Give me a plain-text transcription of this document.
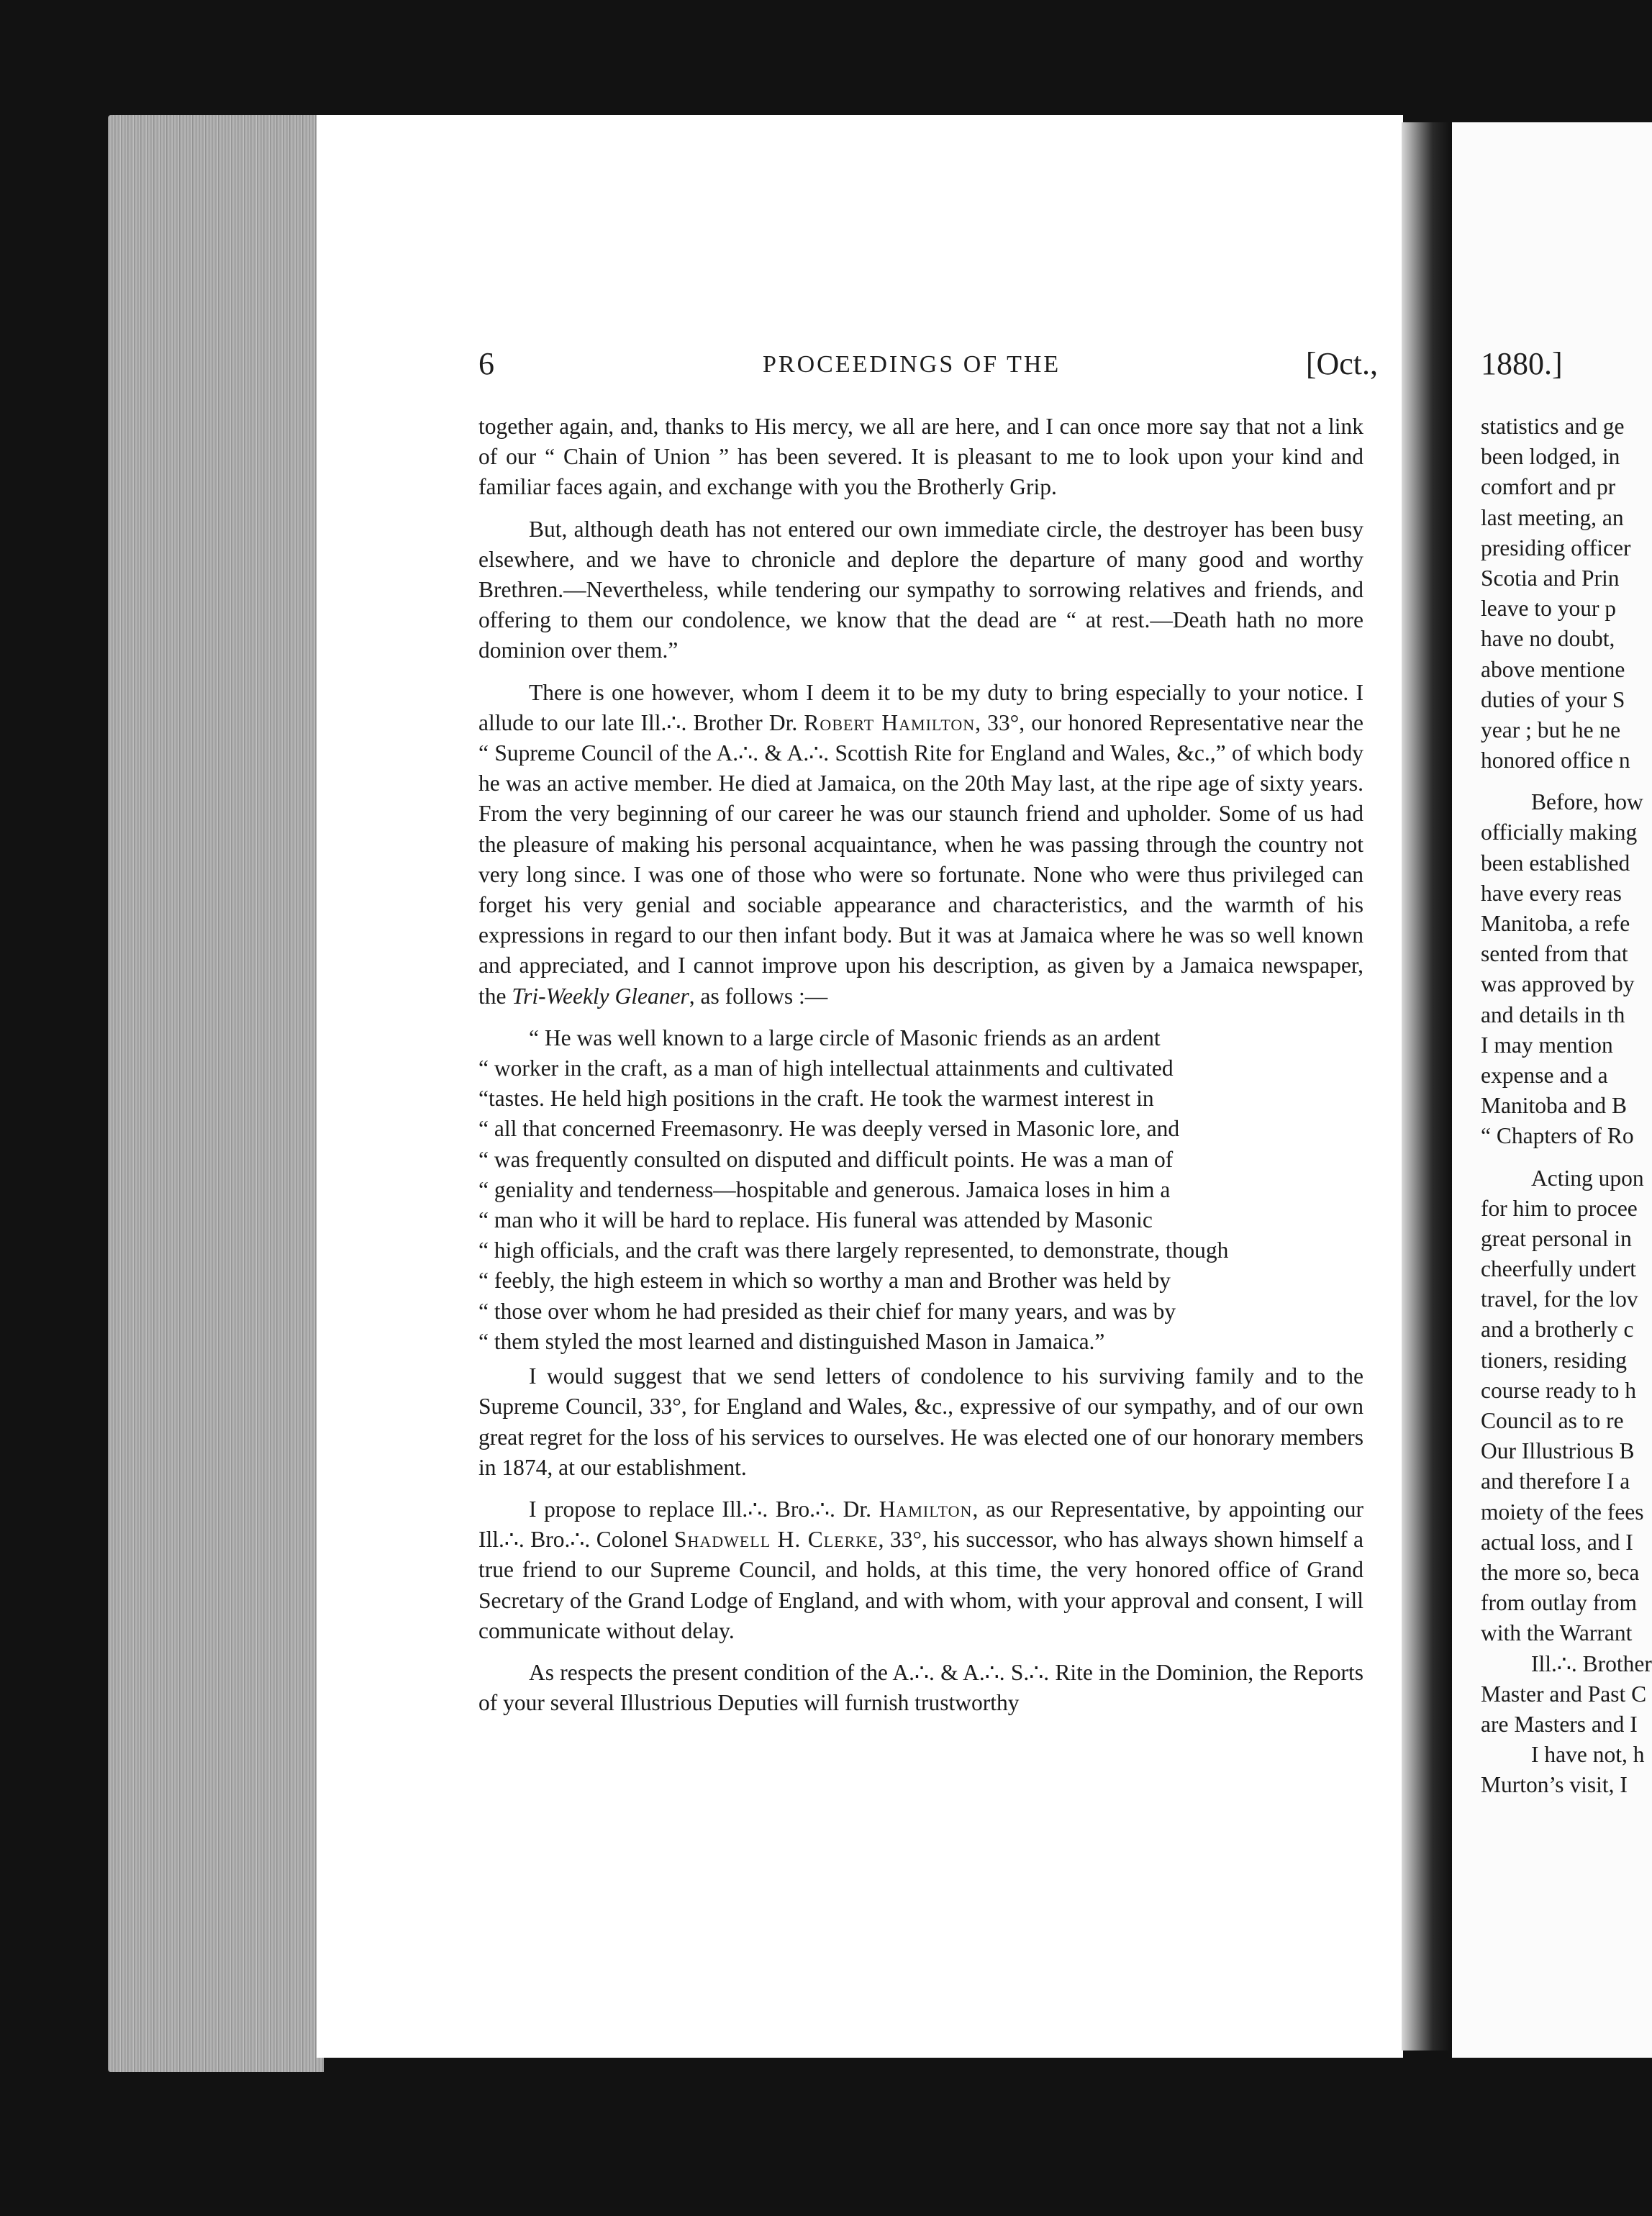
1880.]
statistics and ge
been lodged, in
comfort and pr
last meeting, an
presiding officer
Scotia and Prin
leave to your p
have no doubt,
above mentione
duties of your S
year ; but he ne
honored office n
Before, how
officially making
been established
have every reas
Manitoba, a refe
sented from that
was approved by
and details in th
I may mention
expense and a
Manitoba and B
“ Chapters of Ro
Acting upon
for him to procee
great personal in
cheerfully undert
travel, for the lov
and a brotherly c
tioners, residing
course ready to h
Council as to re
Our Illustrious B
and therefore I a
moiety of the fees
actual loss, and I
the more so, beca
from outlay from
with the Warrant
Ill.∴. Brother
Master and Past C
are Masters and I
I have not, h
Murton’s visit, I
6	PROCEEDINGS OF THE	[Oct.,

together again, and, thanks to His mercy, we all are here, and I can once more say that not a link of our “ Chain of Union ” has been severed. It is pleasant to me to look upon your kind and familiar faces again, and exchange with you the Brotherly Grip.

But, although death has not entered our own immediate circle, the destroyer has been busy elsewhere, and we have to chronicle and deplore the departure of many good and worthy Brethren.—Nevertheless, while tendering our sympathy to sorrowing relatives and friends, and offering to them our condolence, we know that the dead are “ at rest.—Death hath no more dominion over them.”

There is one however, whom I deem it to be my duty to bring especially to your notice. I allude to our late Ill.∴. Brother Dr. Robert Hamilton, 33°, our honored Representative near the “ Supreme Council of the A.∴. & A.∴. Scottish Rite for England and Wales, &c.,” of which body he was an active member. He died at Jamaica, on the 20th May last, at the ripe age of sixty years. From the very beginning of our career he was our staunch friend and upholder. Some of us had the pleasure of making his personal acquaintance, when he was passing through the country not very long since. I was one of those who were so fortunate. None who were thus privileged can forget his very genial and sociable appearance and characteristics, and the warmth of his expressions in regard to our then infant body. But it was at Jamaica where he was so well known and appreciated, and I cannot improve upon his description, as given by a Jamaica newspaper, the Tri-Weekly Gleaner, as follows :—

“ He was well known to a large circle of Masonic friends as an ardent
“ worker in the craft, as a man of high intellectual attainments and cultivated
“tastes. He held high positions in the craft. He took the warmest interest in
“ all that concerned Freemasonry. He was deeply versed in Masonic lore, and
“ was frequently consulted on disputed and difficult points. He was a man of
“ geniality and tenderness—hospitable and generous. Jamaica loses in him a
“ man who it will be hard to replace. His funeral was attended by Masonic
“ high officials, and the craft was there largely represented, to demonstrate, though
“ feebly, the high esteem in which so worthy a man and Brother was held by
“ those over whom he had presided as their chief for many years, and was by
“ them styled the most learned and distinguished Mason in Jamaica.”

I would suggest that we send letters of condolence to his surviving family and to the Supreme Council, 33°, for England and Wales, &c., expressive of our sympathy, and of our own great regret for the loss of his services to ourselves. He was elected one of our honorary members in 1874, at our establishment.

I propose to replace Ill.∴. Bro.∴. Dr. Hamilton, as our Representative, by appointing our Ill.∴. Bro.∴. Colonel Shadwell H. Clerke, 33°, his successor, who has always shown himself a true friend to our Supreme Council, and holds, at this time, the very honored office of Grand Secretary of the Grand Lodge of England, and with whom, with your approval and consent, I will communicate without delay.

As respects the present condition of the A.∴. & A.∴. S.∴. Rite in the Dominion, the Reports of your several Illustrious Deputies will furnish trustworthy
